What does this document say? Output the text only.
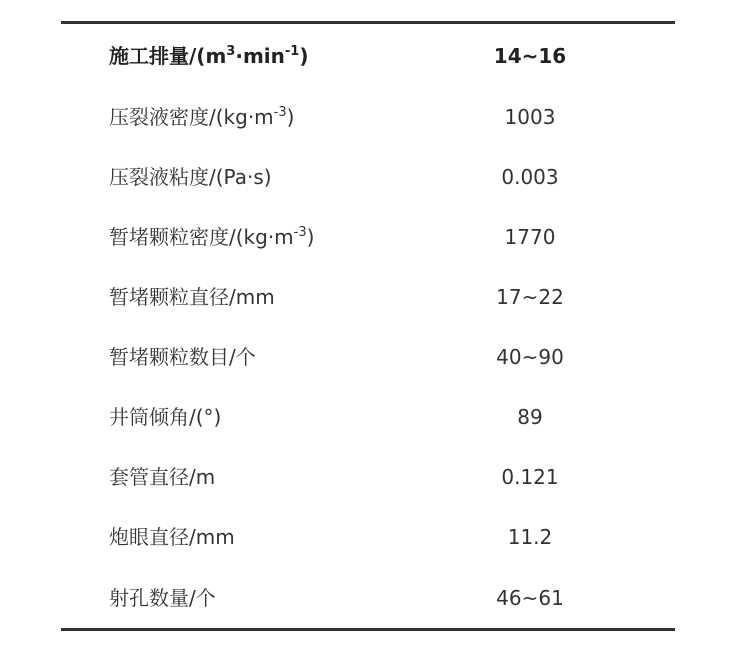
施工排量$/(m^3\cdot\min^{-1})$	14~16
压裂液密度$/(kg\cdot m^{-3})$	1003
压裂液粘度/(Pa·s)	0.003
暂堵颗粒密度$/(kg\cdot m^{-3})$	1770
暂堵颗粒直径/mm	17~22
暂堵颗粒数目/个	40~90
井筒倾角/(°)	89
套管直径/m	0.121
炮眼直径/mm	11.2
射孔数量/个	46~61
